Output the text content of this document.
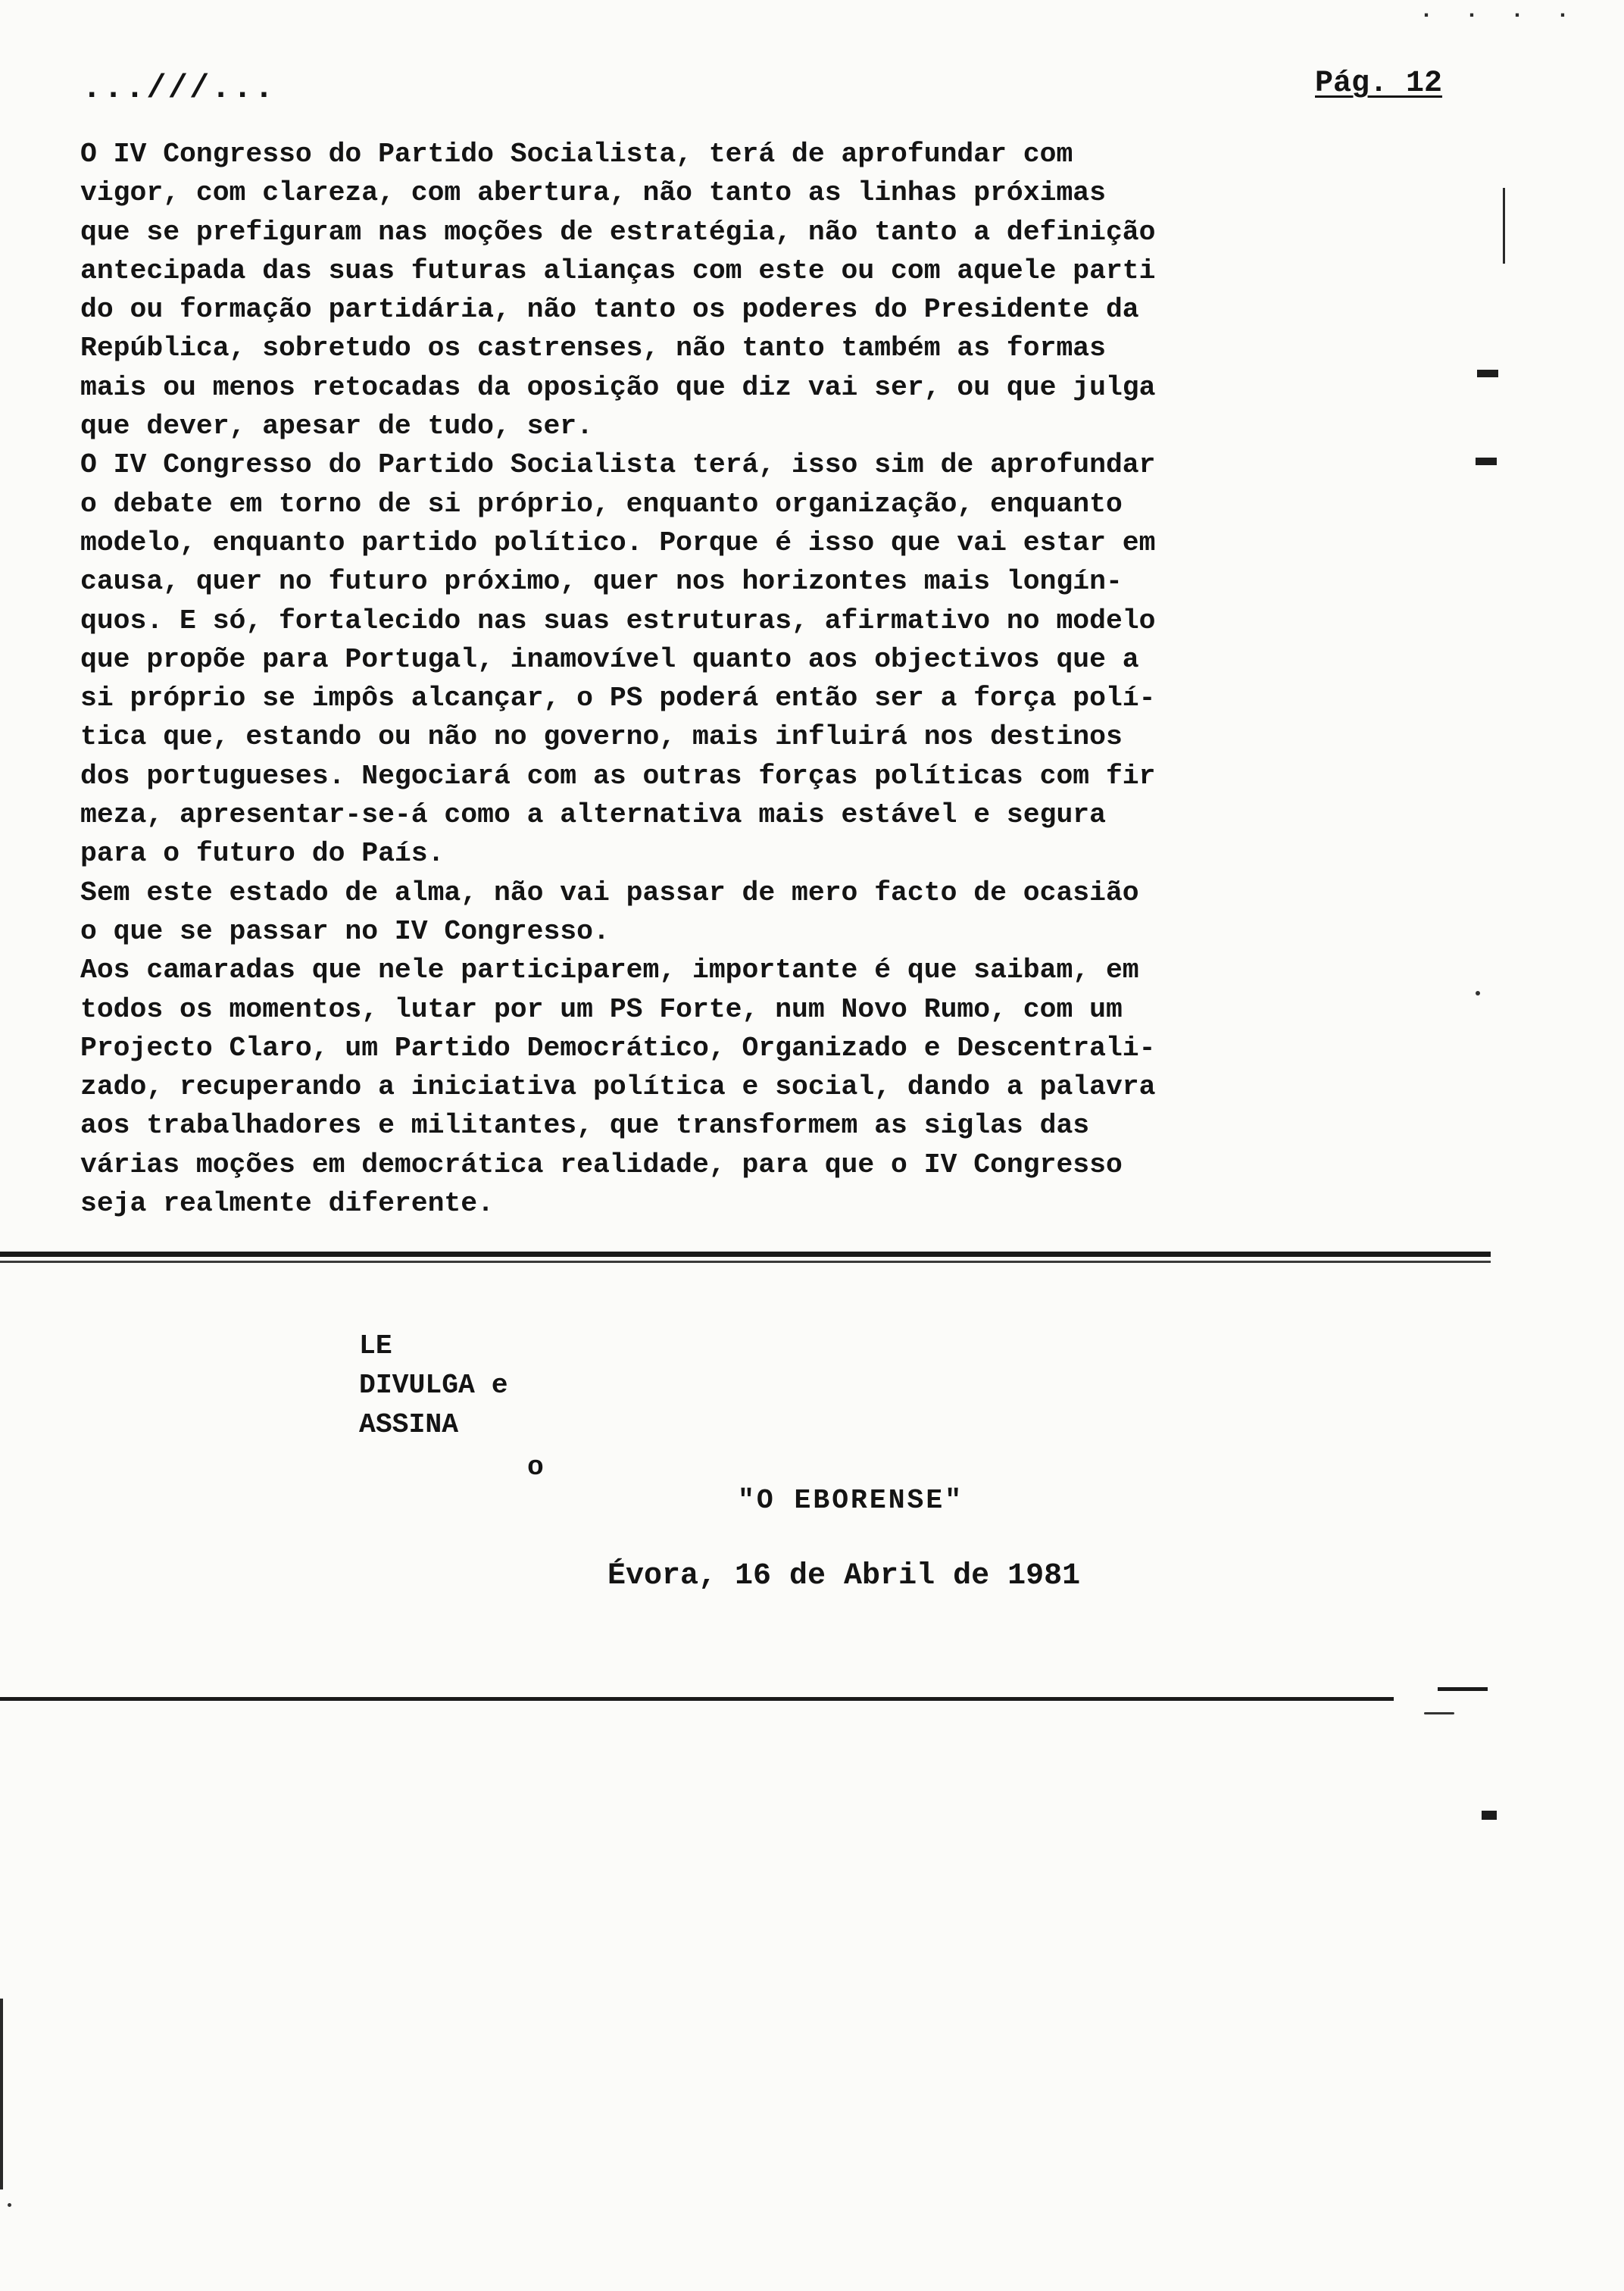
· · · ·
...///...	Pág. 12
O IV Congresso do Partido Socialista, terá de aprofundar com
vigor, com clareza, com abertura, não tanto as linhas próximas
que se prefiguram nas moções de estratégia, não tanto a definição
antecipada das suas futuras alianças com este ou com aquele parti
do ou formação partidária, não tanto os poderes do Presidente da
República, sobretudo os castrenses, não tanto também as formas
mais ou menos retocadas da oposição que diz vai ser, ou que julga
que dever, apesar de tudo, ser.
O IV Congresso do Partido Socialista terá, isso sim de aprofundar
o debate em torno de si próprio, enquanto organização, enquanto
modelo, enquanto partido político. Porque é isso que vai estar em
causa, quer no futuro próximo, quer nos horizontes mais longín-
quos. E só, fortalecido nas suas estruturas, afirmativo no modelo
que propõe para Portugal, inamovível quanto aos objectivos que a
si próprio se impôs alcançar, o PS poderá então ser a força polí-
tica que, estando ou não no governo, mais influirá nos destinos
dos portugueses. Negociará com as outras forças políticas com fir
meza, apresentar-se-á como a alternativa mais estável e segura
para o futuro do País.
Sem este estado de alma, não vai passar de mero facto de ocasião
o que se passar no IV Congresso.
Aos camaradas que nele participarem, importante é que saibam, em
todos os momentos, lutar por um PS Forte, num Novo Rumo, com um
Projecto Claro, um Partido Democrático, Organizado e Descentrali-
zado, recuperando a iniciativa política e social, dando a palavra
aos trabalhadores e militantes, que transformem as siglas das
várias moções em democrática realidade, para que o IV Congresso
seja realmente diferente.
LE
DIVULGA e
ASSINA
o
"O EBORENSE"
Évora, 16 de Abril de 1981
